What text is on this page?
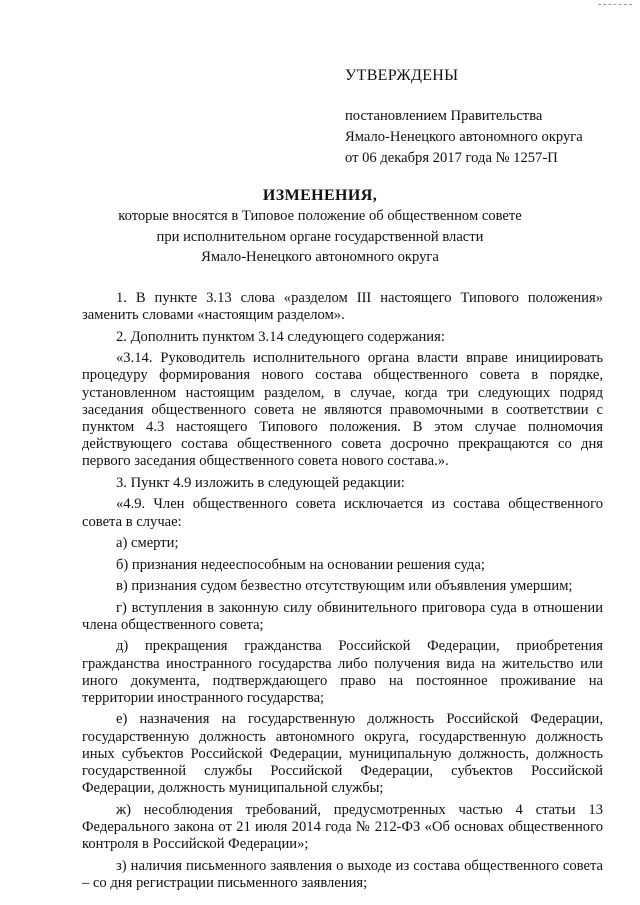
УТВЕРЖДЕНЫ
постановлением Правительства
Ямало-Ненецкого автономного округа
от 06 декабря 2017 года № 1257-П
ИЗМЕНЕНИЯ,
которые вносятся в Типовое положение об общественном совете
при исполнительном органе государственной власти
Ямало-Ненецкого автономного округа

1. В пункте 3.13 слова «разделом III настоящего Типового положения» заменить словами «настоящим разделом».

2. Дополнить пунктом 3.14 следующего содержания:

«3.14. Руководитель исполнительного органа власти вправе инициировать процедуру формирования нового состава общественного совета в порядке, установленном настоящим разделом, в случае, когда три следующих подряд заседания общественного совета не являются правомочными в соответствии с пунктом 4.3 настоящего Типового положения. В этом случае полномочия действующего состава общественного совета досрочно прекращаются со дня первого заседания общественного совета нового состава.».

3. Пункт 4.9 изложить в следующей редакции:

«4.9. Член общественного совета исключается из состава общественного совета в случае:

а) смерти;

б) признания недееспособным на основании решения суда;

в) признания судом безвестно отсутствующим или объявления умершим;

г) вступления в законную силу обвинительного приговора суда в отношении члена общественного совета;

д) прекращения гражданства Российской Федерации, приобретения гражданства иностранного государства либо получения вида на жительство или иного документа, подтверждающего право на постоянное проживание на территории иностранного государства;

е) назначения на государственную должность Российской Федерации, государственную должность автономного округа, государственную должность иных субъектов Российской Федерации, муниципальную должность, должность государственной службы Российской Федерации, субъектов Российской Федерации, должность муниципальной службы;

ж) несоблюдения требований, предусмотренных частью 4 статьи 13 Федерального закона от 21 июля 2014 года № 212-ФЗ «Об основах общественного контроля в Российской Федерации»;

з) наличия письменного заявления о выходе из состава общественного совета – со дня регистрации письменного заявления;
